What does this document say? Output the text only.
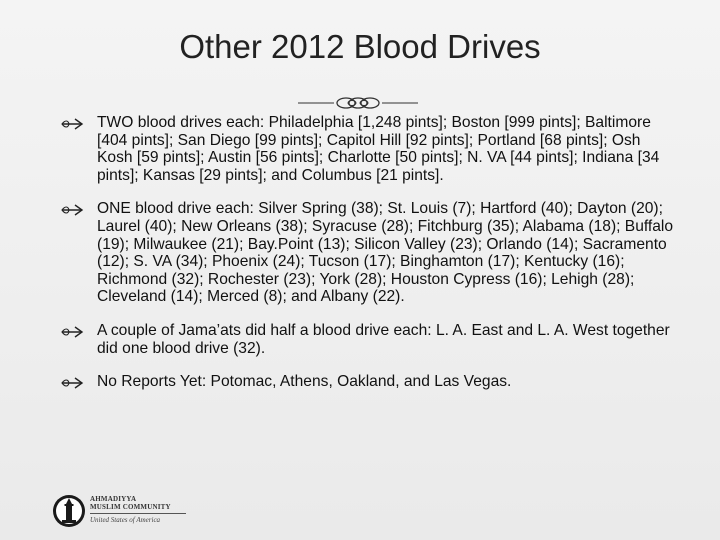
Other 2012 Blood Drives
TWO blood drives each: Philadelphia [1,248 pints]; Boston [999 pints]; Baltimore [404 pints]; San Diego [99 pints]; Capitol Hill [92 pints]; Portland [68 pints]; Osh Kosh [59 pints]; Austin [56 pints]; Charlotte [50 pints]; N. VA [44 pints]; Indiana [34 pints]; Kansas [29 pints]; and Columbus [21 pints].
ONE blood drive each: Silver Spring (38); St. Louis (7); Hartford (40); Dayton (20); Laurel (40); New Orleans (38); Syracuse (28); Fitchburg (35); Alabama (18); Buffalo (19); Milwaukee (21); Bay.Point (13); Silicon Valley (23); Orlando (14); Sacramento (12); S. VA (34); Phoenix (24); Tucson (17); Binghamton (17); Kentucky (16); Richmond (32); Rochester (23); York (28); Houston Cypress (16); Lehigh (28); Cleveland (14); Merced (8); and Albany (22).
A couple of Jama’ats did half a blood drive each: L. A. East and L. A. West together did one blood drive (32).
No Reports Yet: Potomac, Athens, Oakland, and Las Vegas.
AHMADIYYA
MUSLIM COMMUNITY
United States of America
